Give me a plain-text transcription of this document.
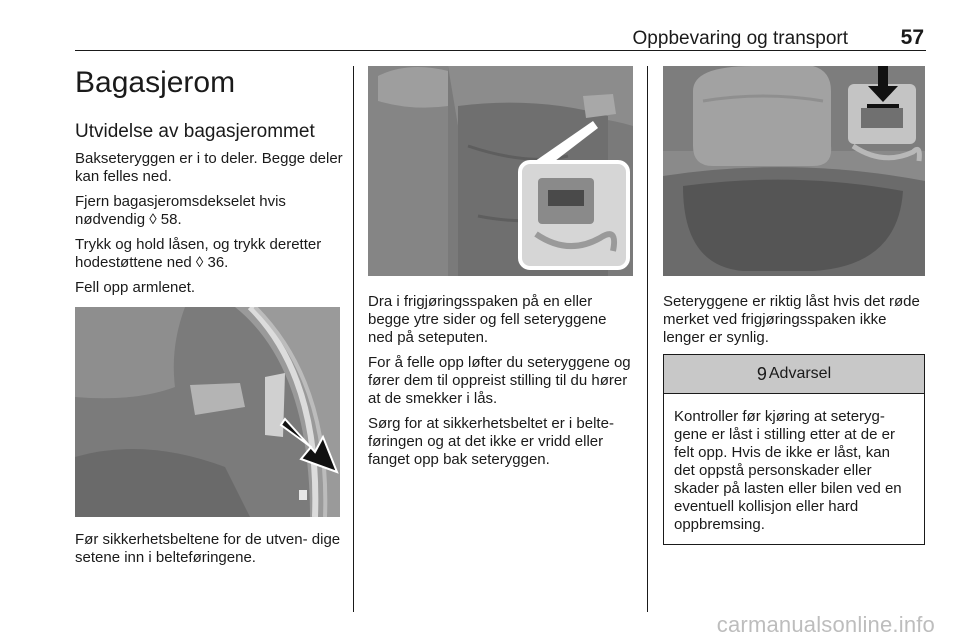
Oppbevaring og transport	57
Bagasjerom
Utvidelse av bagasjerommet

Bakseteryggen er i to deler. Begge deler kan felles ned.

Fjern bagasjeromsdekselet hvis nødvendig ◊ 58.

Trykk og hold låsen, og trykk deretter hodestøttene ned ◊ 36.

Fell opp armlenet.

Før sikkerhetsbeltene for de utven- dige setene inn i belteføringene.

Dra i frigjøringsspaken på en eller begge ytre sider og fell seteryggene ned på seteputen.

For å felle opp løfter du seteryggene og fører dem til oppreist stilling til du hører at de smekker i lås.

Sørg for at sikkerhetsbeltet er i belte- føringen og at det ikke er vridd eller fanget opp bak seteryggen.

Seteryggene er riktig låst hvis det røde merket ved frigjøringsspaken ikke lenger er synlig.

9 Advarsel
Kontroller før kjøring at seteryg- gene er låst i stilling etter at de er felt opp. Hvis de ikke er låst, kan det oppstå personskader eller skader på lasten eller bilen ved en eventuell kollisjon eller hard oppbremsing.
carmanualsonline.info
